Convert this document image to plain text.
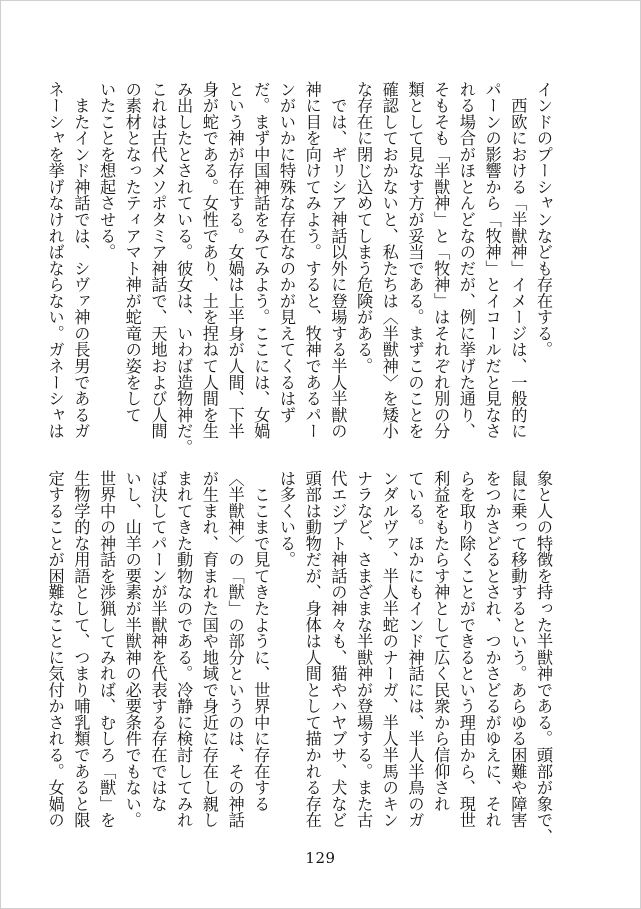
インドのプーシャンなども存在する。
　西欧における「半獣神」イメージは、一般的に
パーンの影響から「牧神」とイコールだと見なさ
れる場合がほとんどなのだが、例に挙げた通り、
そもそも「半獣神」と「牧神」はそれぞれ別の分
類として見なす方が妥当である。まずこのことを
確認しておかないと、私たちは〈半獣神〉を矮小
な存在に閉じ込めてしまう危険がある。
　では、ギリシア神話以外に登場する半人半獣の
神に目を向けてみよう。すると、牧神であるパー
ンがいかに特殊な存在なのかが見えてくるはず
だ。まず中国神話をみてみよう。ここには、女媧
という神が存在する。女媧は上半身が人間、下半
身が蛇である。女性であり、土を捏ねて人間を生
み出したとされている。彼女は、いわば造物神だ。
これは古代メソポタミア神話で、天地および人間
の素材となったティアマト神が蛇竜の姿をして
いたことを想起させる。
　またインド神話では、シヴァ神の長男であるガ
ネーシャを挙げなければならない。ガネーシャは
象と人の特徴を持った半獣神である。頭部が象で、
鼠に乗って移動するという。あらゆる困難や障害
をつかさどるとされ、つかさどるがゆえに、それ
らを取り除くことができるという理由から、現世
利益をもたらす神として広く民衆から信仰され
ている。ほかにもインド神話には、半人半鳥のガ
ンダルヴァ、半人半蛇のナーガ、半人半馬のキン
ナラなど、さまざまな半獣神が登場する。また古
代エジプト神話の神々も、猫やハヤブサ、犬など
頭部は動物だが、身体は人間として描かれる存在
は多くいる。
　ここまで見てきたように、世界中に存在する
〈半獣神〉の「獣」の部分というのは、その神話
が生まれ、育まれた国や地域で身近に存在し親し
まれてきた動物なのである。冷静に検討してみれ
ば決してパーンが半獣神を代表する存在ではな
いし、山羊の要素が半獣神の必要条件でもない。
世界中の神話を渉猟してみれば、むしろ「獣」を
生物学的な用語として、つまり哺乳類であると限
定することが困難なことに気付かされる。女媧の
129
